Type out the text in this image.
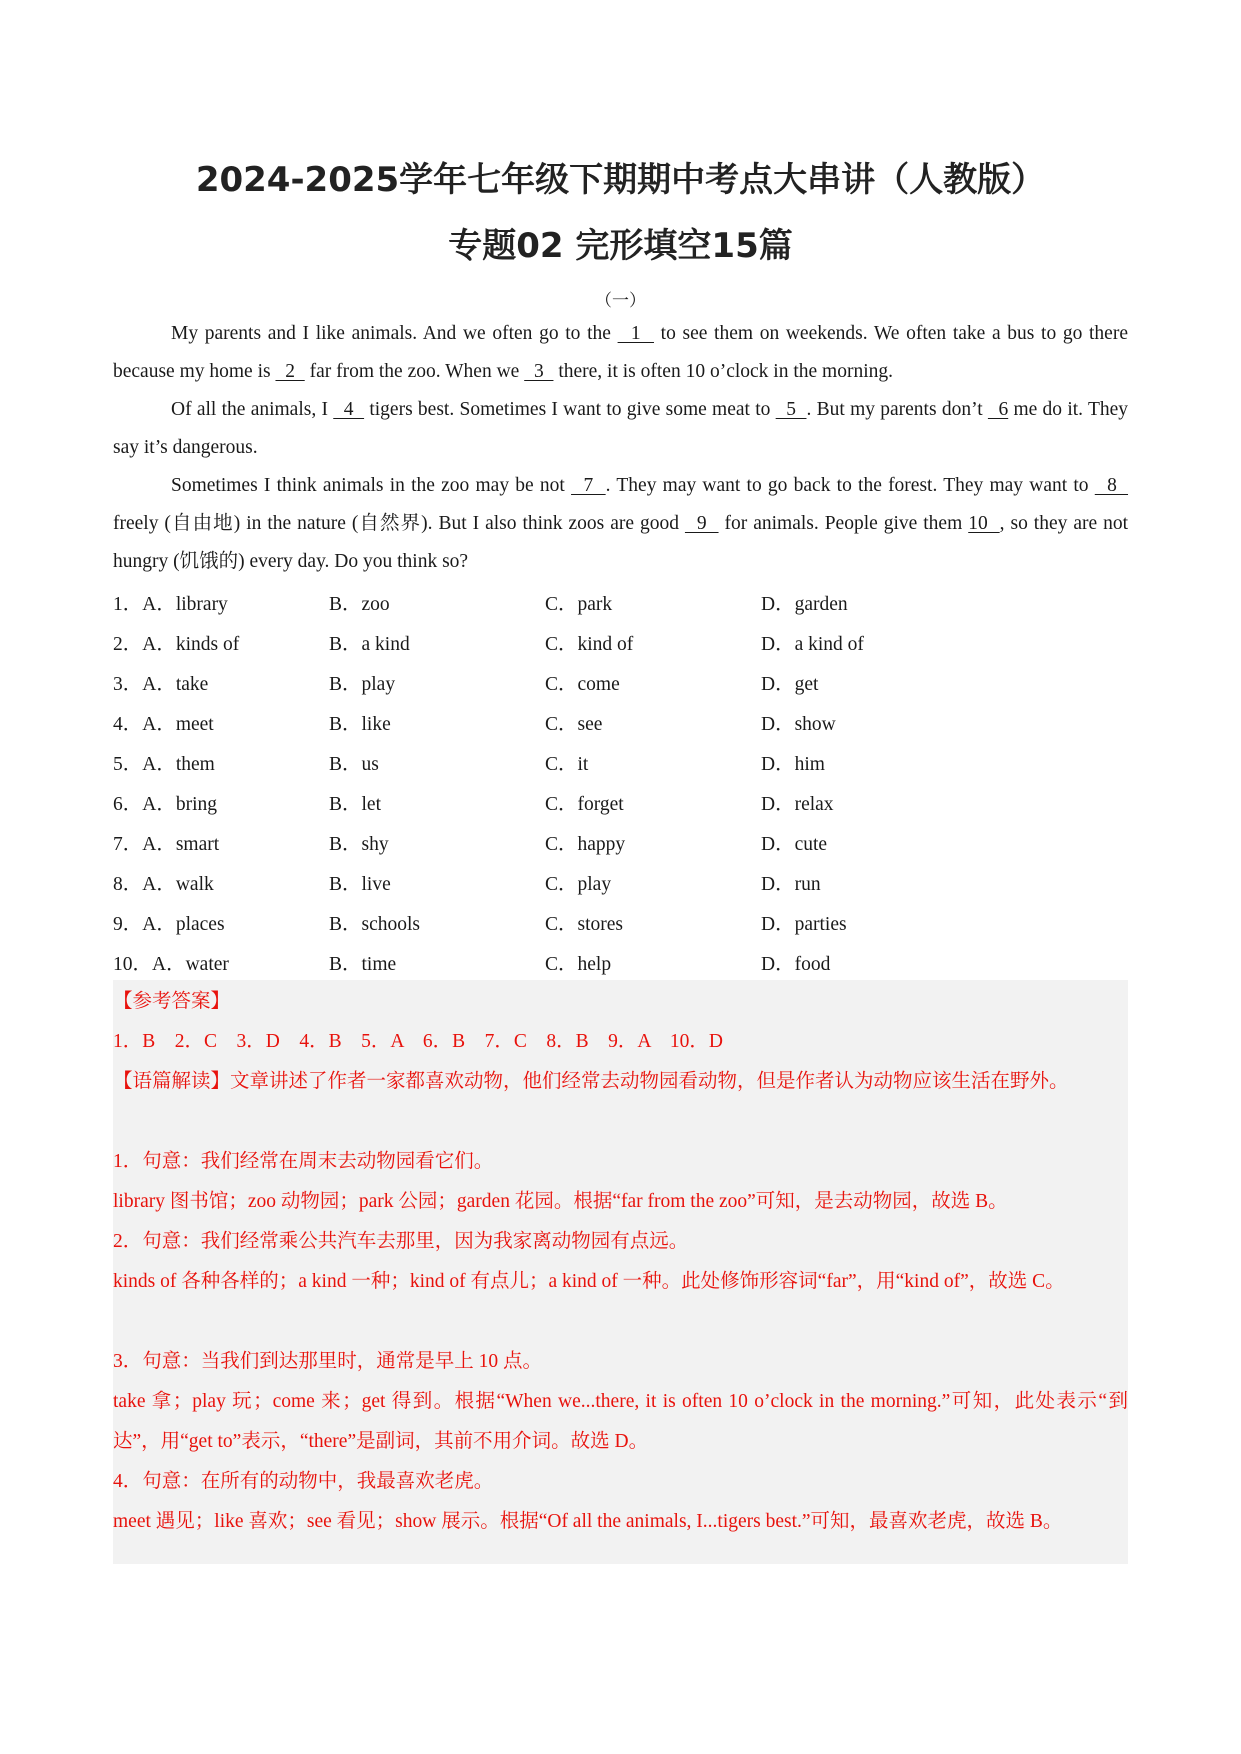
2024-2025学年七年级下期期中考点大串讲（人教版）
专题02 完形填空15篇
（一）
My parents and I like animals. And we often go to the   1   to see them on weekends. We often take a bus to go there because my home is   2   far from the zoo. When we   3   there, it is often 10 o’clock in the morning.
Of all the animals, I   4   tigers best. Sometimes I want to give some meat to   5  . But my parents don’t   6 me do it. They say it’s dangerous.
Sometimes I think animals in the zoo may be not   7  . They may want to go back to the forest. They may want to   8   freely (自由地) in the nature (自然界). But I also think zoos are good   9   for animals. People give them 10  , so they are not hungry (饥饿的) every day. Do you think so?
1．A．library	B．zoo	C．park	D．garden
2．A．kinds of	B．a kind	C．kind of	D．a kind of
3．A．take	B．play	C．come	D．get
4．A．meet	B．like	C．see	D．show
5．A．them	B．us	C．it	D．him
6．A．bring	B．let	C．forget	D．relax
7．A．smart	B．shy	C．happy	D．cute
8．A．walk	B．live	C．play	D．run
9．A．places	B．schools	C．stores	D．parties
10．A．water	B．time	C．help	D．food
【参考答案】
1．B　2．C　3．D　4．B　5．A　6．B　7．C　8．B　9．A　10．D
【语篇解读】文章讲述了作者一家都喜欢动物，他们经常去动物园看动物，但是作者认为动物应该生活在野外。
1．句意：我们经常在周末去动物园看它们。
library 图书馆；zoo 动物园；park 公园；garden 花园。根据“far from the zoo”可知，是去动物园，故选 B。
2．句意：我们经常乘公共汽车去那里，因为我家离动物园有点远。
kinds of 各种各样的；a kind 一种；kind of 有点儿；a kind of 一种。此处修饰形容词“far”，用“kind of”，故选 C。
3．句意：当我们到达那里时，通常是早上 10 点。
take 拿；play 玩；come 来；get 得到。根据“When we...there, it is often 10 o’clock in the morning.”可知，此处表示“到达”，用“get to”表示，“there”是副词，其前不用介词。故选 D。
4．句意：在所有的动物中，我最喜欢老虎。
meet 遇见；like 喜欢；see 看见；show 展示。根据“Of all the animals, I...tigers best.”可知，最喜欢老虎，故选 B。
